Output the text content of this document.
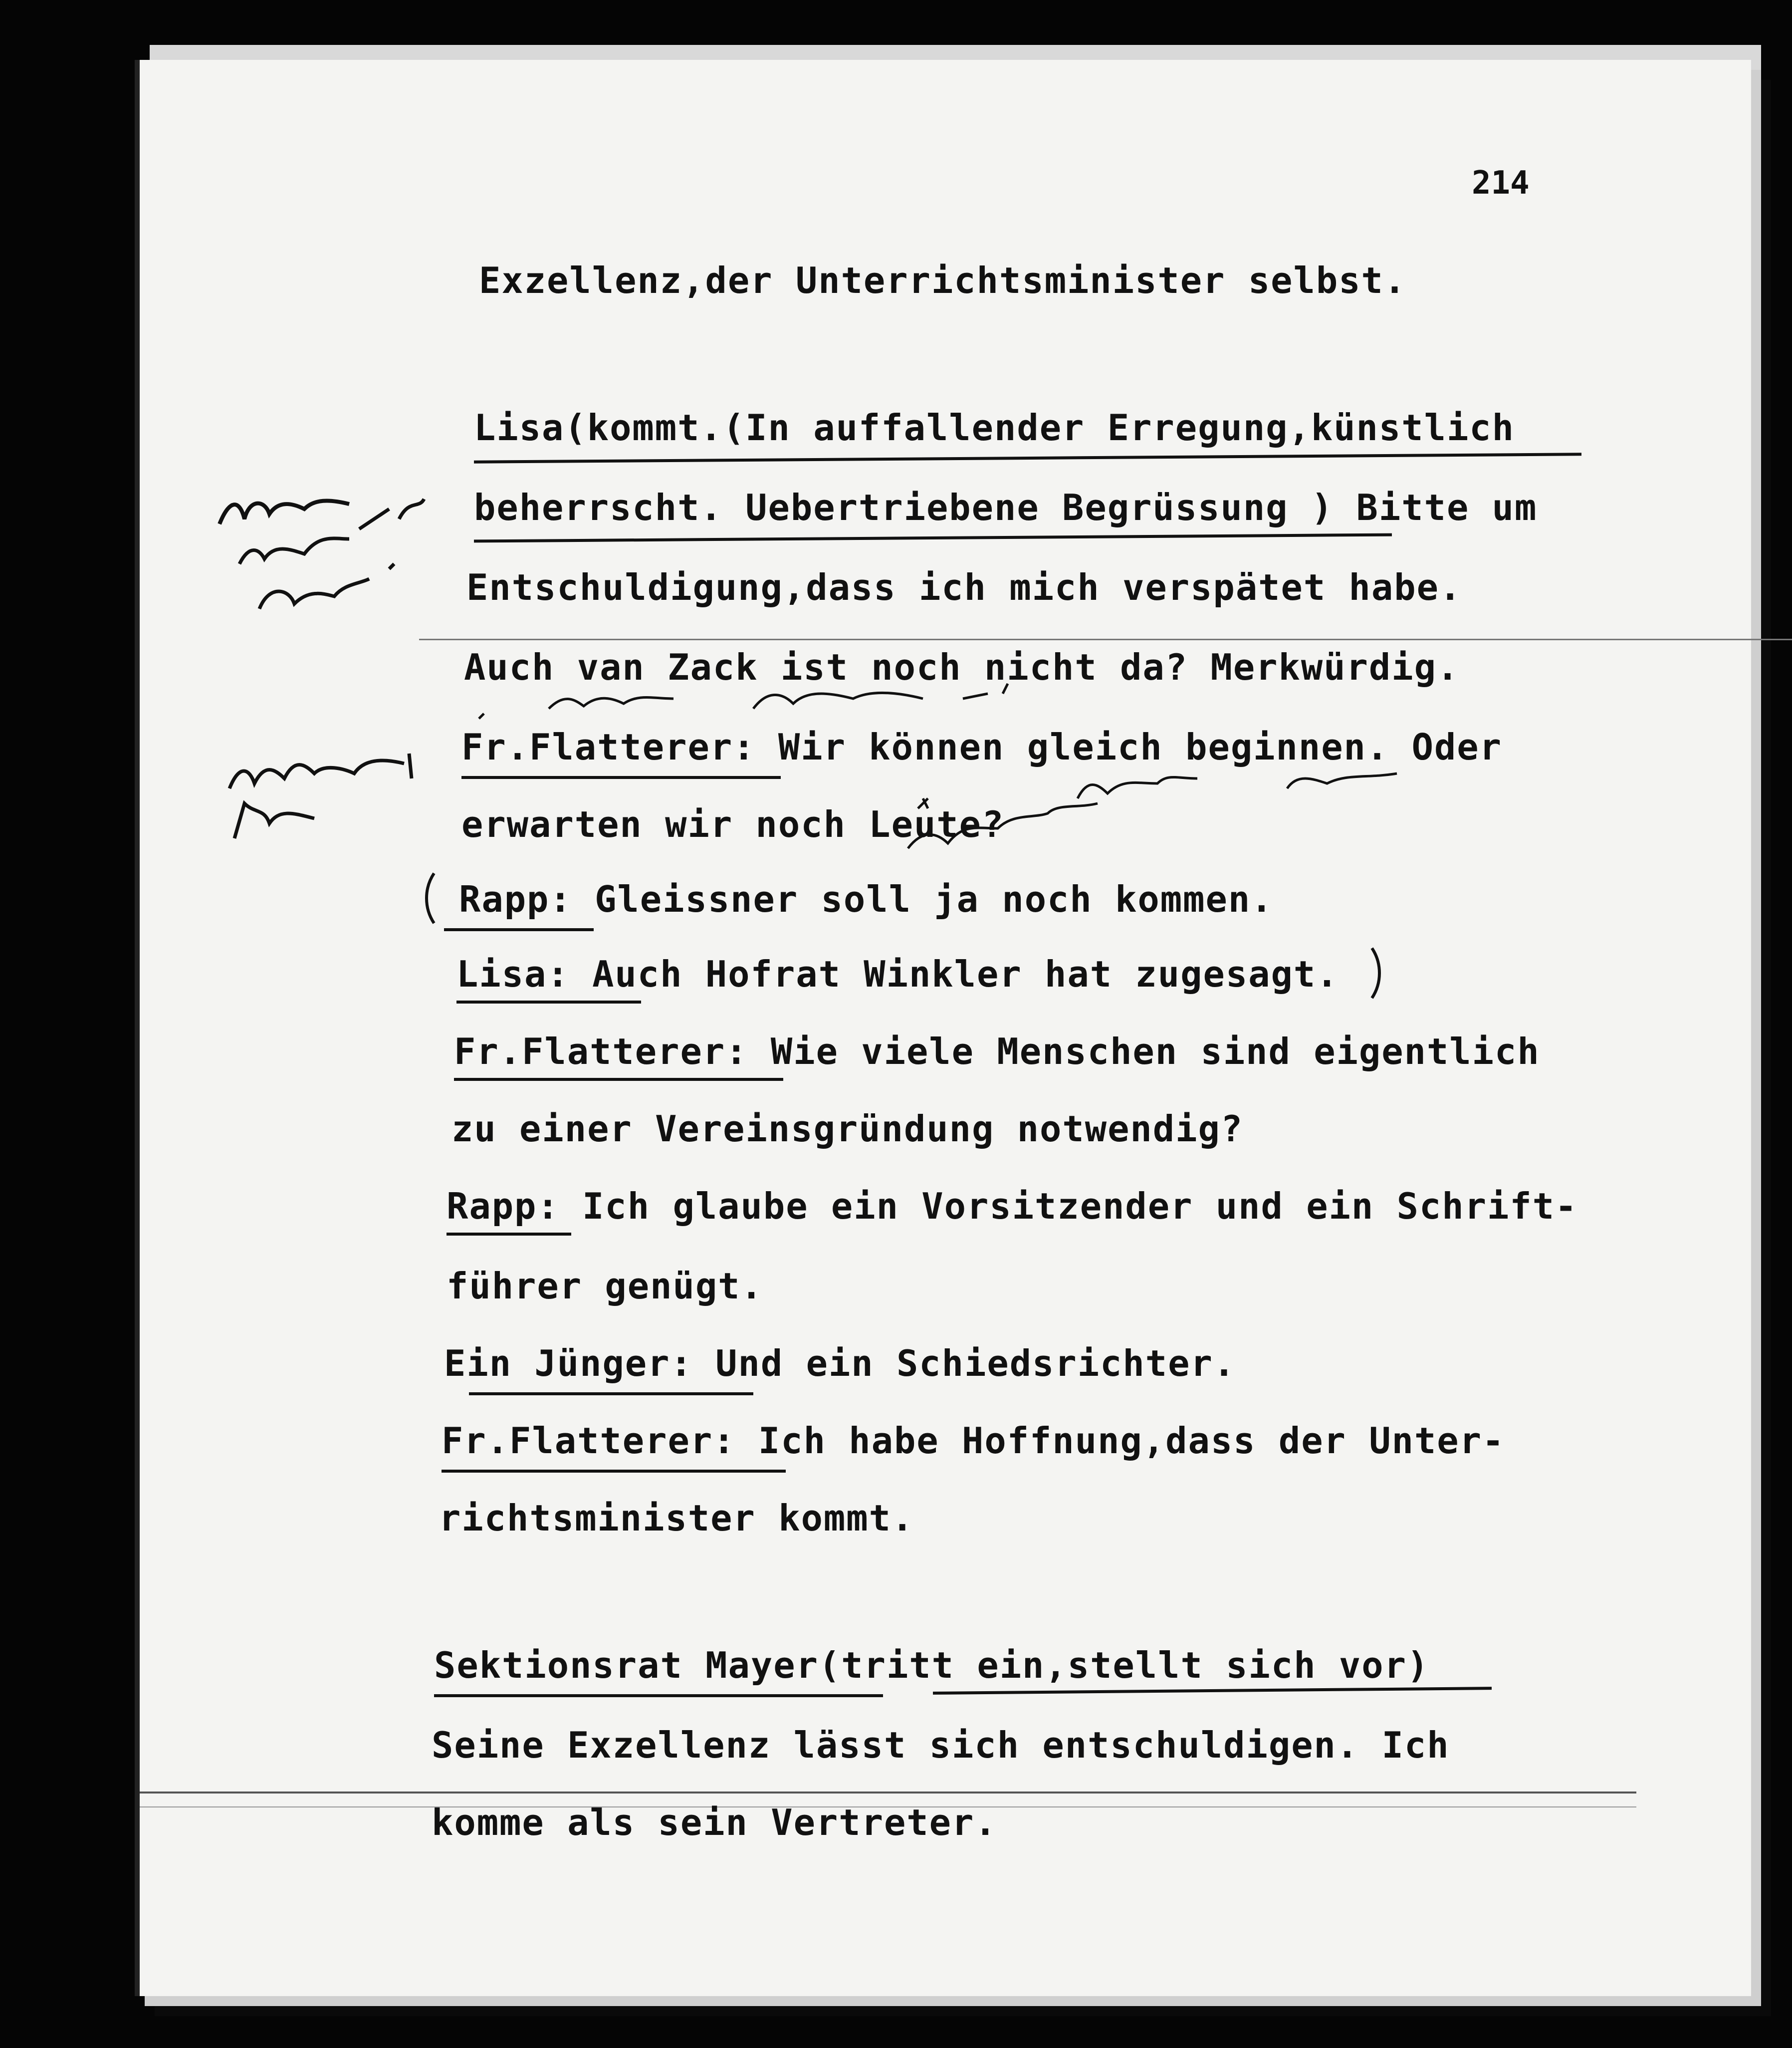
214
Exzellenz,der Unterrichtsminister selbst.
Lisa(kommt.(In auffallender Erregung,künstlich
beherrscht. Uebertriebene Begrüssung ) Bitte um
Entschuldigung,dass ich mich verspätet habe.
Auch van Zack ist noch nicht da? Merkwürdig.
Fr.Flatterer: Wir können gleich beginnen. Oder
erwarten wir noch Leute?
Rapp: Gleissner soll ja noch kommen.
Lisa: Auch Hofrat Winkler hat zugesagt.
Fr.Flatterer: Wie viele Menschen sind eigentlich
zu einer Vereinsgründung notwendig?
Rapp: Ich glaube ein Vorsitzender und ein Schrift-
führer genügt.
Ein Jünger: Und ein Schiedsrichter.
Fr.Flatterer: Ich habe Hoffnung,dass der Unter-
richtsminister kommt.
Sektionsrat Mayer(tritt ein,stellt sich vor)
Seine Exzellenz lässt sich entschuldigen. Ich
komme als sein Vertreter.
